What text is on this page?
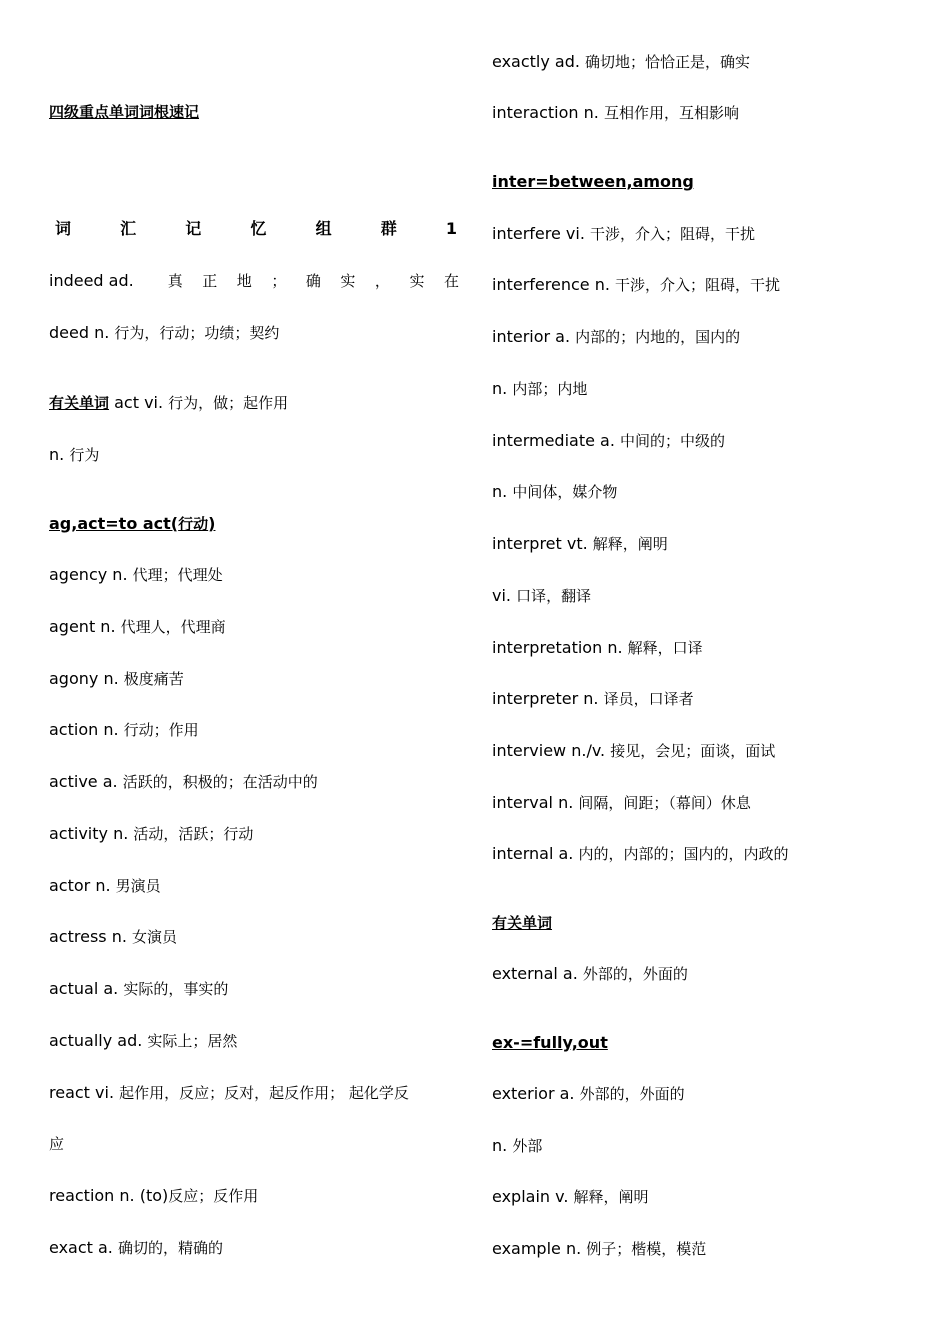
四级重点单词词根速记
词	汇	记	忆	组	群	1
indeed ad. 真 正 地 ； 确 实 ， 实 在
deed n. 行为，行动；功绩；契约
有关单词 act vi. 行为，做；起作用
n. 行为
ag,act=to act(行动)
agency n. 代理；代理处
agent n. 代理人，代理商
agony n. 极度痛苦
action n. 行动；作用
active a. 活跃的，积极的；在活动中的
activity n. 活动，活跃；行动
actor n. 男演员
actress n. 女演员
actual a. 实际的，事实的
actually ad. 实际上；居然
react vi. 起作用，反应；反对，起反作用； 起化学反
应
reaction n. (to)反应；反作用
exact a. 确切的，精确的
exactly ad. 确切地；恰恰正是，确实
interaction n. 互相作用，互相影响
inter=between,among
interfere vi. 干涉，介入；阻碍，干扰
interference n. 干涉，介入；阻碍，干扰
interior a. 内部的；内地的，国内的
n. 内部；内地
intermediate a. 中间的；中级的
n. 中间体，媒介物
interpret vt. 解释，阐明
vi. 口译，翻译
interpretation n. 解释，口译
interpreter n. 译员，口译者
interview n./v. 接见，会见；面谈，面试
interval n. 间隔，间距；（幕间）休息
internal a. 内的，内部的；国内的，内政的
有关单词
external a. 外部的，外面的
ex-=fully,out
exterior a. 外部的，外面的
n. 外部
explain v. 解释，阐明
example n. 例子；楷模，模范
